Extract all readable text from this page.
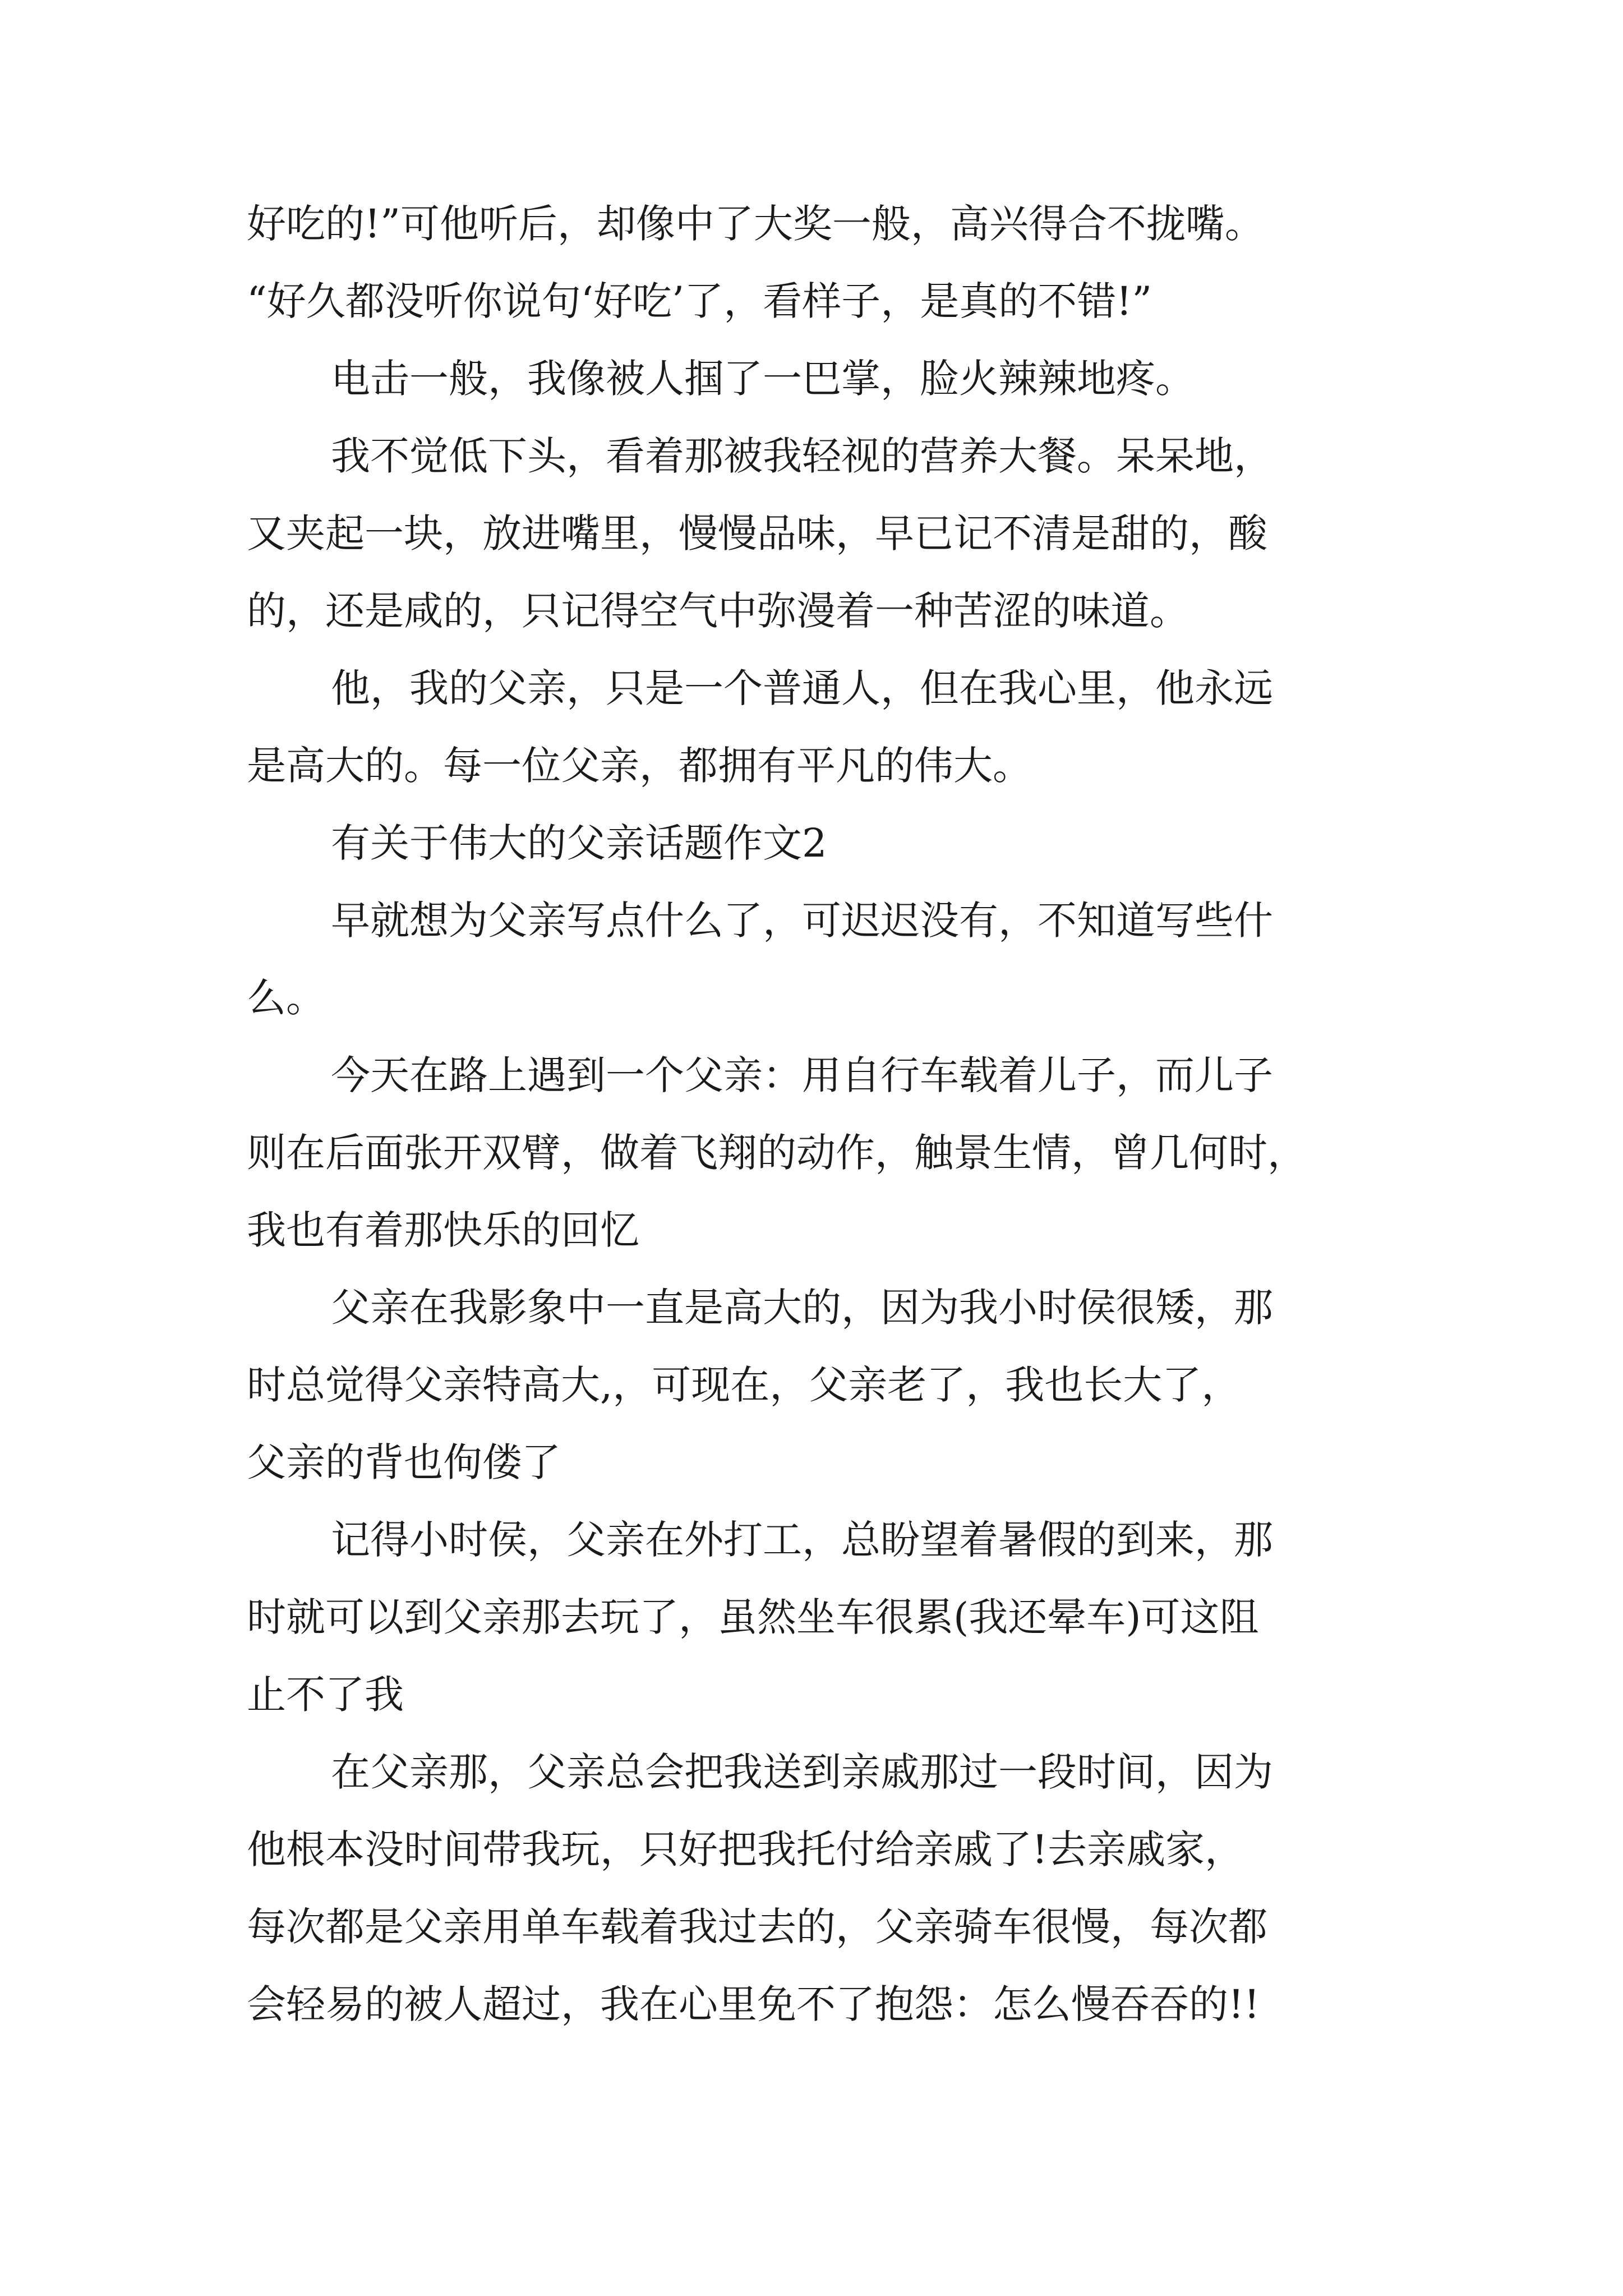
好吃的!”可他听后，却像中了大奖一般，高兴得合不拢嘴。
“好久都没听你说句‘好吃’了，看样子，是真的不错!”
电击一般，我像被人掴了一巴掌，脸火辣辣地疼。
我不觉低下头，看着那被我轻视的营养大餐。呆呆地，
又夹起一块，放进嘴里，慢慢品味，早已记不清是甜的，酸
的，还是咸的，只记得空气中弥漫着一种苦涩的味道。
他，我的父亲，只是一个普通人，但在我心里，他永远
是高大的。每一位父亲，都拥有平凡的伟大。
有关于伟大的父亲话题作文2
早就想为父亲写点什么了，可迟迟没有，不知道写些什
么。
今天在路上遇到一个父亲：用自行车载着儿子，而儿子
则在后面张开双臂，做着飞翔的动作，触景生情，曾几何时，
我也有着那快乐的回忆
父亲在我影象中一直是高大的，因为我小时侯很矮，那
时总觉得父亲特高大,，可现在，父亲老了，我也长大了，
父亲的背也佝偻了
记得小时侯，父亲在外打工，总盼望着暑假的到来，那
时就可以到父亲那去玩了，虽然坐车很累(我还晕车)可这阻
止不了我
在父亲那，父亲总会把我送到亲戚那过一段时间，因为
他根本没时间带我玩，只好把我托付给亲戚了!去亲戚家，
每次都是父亲用单车载着我过去的，父亲骑车很慢，每次都
会轻易的被人超过，我在心里免不了抱怨：怎么慢吞吞的!!
